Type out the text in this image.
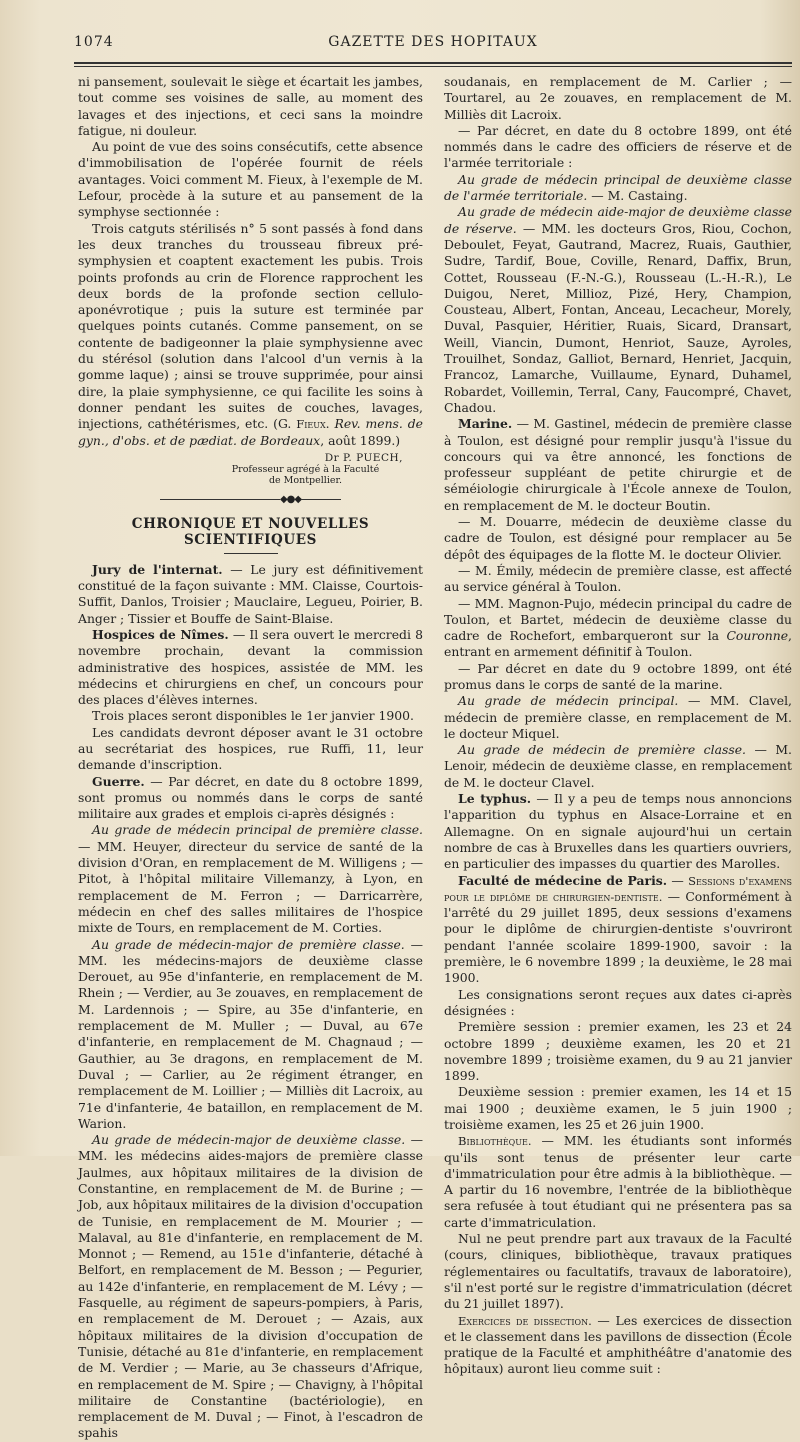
1074	GAZETTE DES HOPITAUX

ni pansement, soulevait le siège et écartait les jambes, tout comme ses voisines de salle, au moment des lavages et des injections, et ceci sans la moindre fatigue, ni douleur.

Au point de vue des soins consécutifs, cette absence d'immobilisation de l'opérée fournit de réels avantages. Voici comment M. Fieux, à l'exemple de M. Lefour, procède à la suture et au pansement de la symphyse sectionnée :

Trois catguts stérilisés n° 5 sont passés à fond dans les deux tranches du trousseau fibreux pré-symphysien et coaptent exactement les pubis. Trois points profonds au crin de Florence rapprochent les deux bords de la profonde section cellulo-aponévrotique ; puis la suture est terminée par quelques points cutanés. Comme pansement, on se contente de badigeonner la plaie symphysienne avec du stérésol (solution dans l'alcool d'un vernis à la gomme laque) ; ainsi se trouve supprimée, pour ainsi dire, la plaie symphysienne, ce qui facilite les soins à donner pendant les suites de couches, lavages, injections, cathétérismes, etc. (G. Fieux. Rev. mens. de gyn., d'obs. et de pædiat. de Bordeaux, août 1899.)

Dr P. PUECH,
Professeur agrégé à la Faculté
de Montpellier.
◆●◆
CHRONIQUE ET NOUVELLES SCIENTIFIQUES

Jury de l'internat. — Le jury est définitivement constitué de la façon suivante : MM. Claisse, Courtois-Suffit, Danlos, Troisier ; Mauclaire, Legueu, Poirier, B. Anger ; Tissier et Bouffe de Saint-Blaise.

Hospices de Nîmes. — Il sera ouvert le mercredi 8 novembre prochain, devant la commission administrative des hospices, assistée de MM. les médecins et chirurgiens en chef, un concours pour des places d'élèves internes.

Trois places seront disponibles le 1er janvier 1900.

Les candidats devront déposer avant le 31 octobre au secrétariat des hospices, rue Ruffi, 11, leur demande d'inscription.

Guerre. — Par décret, en date du 8 octobre 1899, sont promus ou nommés dans le corps de santé militaire aux grades et emplois ci-après désignés :

Au grade de médecin principal de première classe. — MM. Heuyer, directeur du service de santé de la division d'Oran, en remplacement de M. Willigens ; — Pitot, à l'hôpital militaire Villemanzy, à Lyon, en remplacement de M. Ferron ; — Darricarrère, médecin en chef des salles militaires de l'hospice mixte de Tours, en remplacement de M. Corties.

Au grade de médecin-major de première classe. — MM. les médecins-majors de deuxième classe Derouet, au 95e d'infanterie, en remplacement de M. Rhein ; — Verdier, au 3e zouaves, en remplacement de M. Lardennois ; — Spire, au 35e d'infanterie, en remplacement de M. Muller ; — Duval, au 67e d'infanterie, en remplacement de M. Chagnaud ; — Gauthier, au 3e dragons, en remplacement de M. Duval ; — Carlier, au 2e régiment étranger, en remplacement de M. Loillier ; — Milliès dit Lacroix, au 71e d'infanterie, 4e bataillon, en remplacement de M. Warion.

Au grade de médecin-major de deuxième classe. — MM. les médecins aides-majors de première classe Jaulmes, aux hôpitaux militaires de la division de Constantine, en remplacement de M. de Burine ; — Job, aux hôpitaux militaires de la division d'occupation de Tunisie, en remplacement de M. Mourier ; — Malaval, au 81e d'infanterie, en remplacement de M. Monnot ; — Remend, au 151e d'infanterie, détaché à Belfort, en remplacement de M. Besson ; — Pegurier, au 142e d'infanterie, en remplacement de M. Lévy ; — Fasquelle, au régiment de sapeurs-pompiers, à Paris, en remplacement de M. Derouet ; — Azais, aux hôpitaux militaires de la division d'occupation de Tunisie, détaché au 81e d'infanterie, en remplacement de M. Verdier ; — Marie, au 3e chasseurs d'Afrique, en remplacement de M. Spire ; — Chavigny, à l'hôpital militaire de Constantine (bactériologie), en remplacement de M. Duval ; — Finot, à l'escadron de spahis

soudanais, en remplacement de M. Carlier ; — Tourtarel, au 2e zouaves, en remplacement de M. Milliès dit Lacroix.

— Par décret, en date du 8 octobre 1899, ont été nommés dans le cadre des officiers de réserve et de l'armée territoriale :

Au grade de médecin principal de deuxième classe de l'armée territoriale. — M. Castaing.

Au grade de médecin aide-major de deuxième classe de réserve. — MM. les docteurs Gros, Riou, Cochon, Deboulet, Feyat, Gautrand, Macrez, Ruais, Gauthier, Sudre, Tardif, Boue, Coville, Renard, Daffix, Brun, Cottet, Rousseau (F.-N.-G.), Rousseau (L.-H.-R.), Le Duigou, Neret, Millioz, Pizé, Hery, Champion, Cousteau, Albert, Fontan, Anceau, Lecacheur, Morely, Duval, Pasquier, Héritier, Ruais, Sicard, Dransart, Weill, Viancin, Dumont, Henriot, Sauze, Ayroles, Trouilhet, Sondaz, Galliot, Bernard, Henriet, Jacquin, Francoz, Lamarche, Vuillaume, Eynard, Duhamel, Robardet, Voillemin, Terral, Cany, Faucompré, Chavet, Chadou.

Marine. — M. Gastinel, médecin de première classe à Toulon, est désigné pour remplir jusqu'à l'issue du concours qui va être annoncé, les fonctions de professeur suppléant de petite chirurgie et de séméiologie chirurgicale à l'École annexe de Toulon, en remplacement de M. le docteur Boutin.

— M. Douarre, médecin de deuxième classe du cadre de Toulon, est désigné pour remplacer au 5e dépôt des équipages de la flotte M. le docteur Olivier.

— M. Émily, médecin de première classe, est affecté au service général à Toulon.

— MM. Magnon-Pujo, médecin principal du cadre de Toulon, et Bartet, médecin de deuxième classe du cadre de Rochefort, embarqueront sur la Couronne, entrant en armement définitif à Toulon.

— Par décret en date du 9 octobre 1899, ont été promus dans le corps de santé de la marine.

Au grade de médecin principal. — MM. Clavel, médecin de première classe, en remplacement de M. le docteur Miquel.

Au grade de médecin de première classe. — M. Lenoir, médecin de deuxième classe, en remplacement de M. le docteur Clavel.

Le typhus. — Il y a peu de temps nous annoncions l'apparition du typhus en Alsace-Lorraine et en Allemagne. On en signale aujourd'hui un certain nombre de cas à Bruxelles dans les quartiers ouvriers, en particulier des impasses du quartier des Marolles.

Faculté de médecine de Paris. — Sessions d'examens pour le diplôme de chirurgien-dentiste. — Conformément à l'arrêté du 29 juillet 1895, deux sessions d'examens pour le diplôme de chirurgien-dentiste s'ouvriront pendant l'année scolaire 1899-1900, savoir : la première, le 6 novembre 1899 ; la deuxième, le 28 mai 1900.

Les consignations seront reçues aux dates ci-après désignées :

Première session : premier examen, les 23 et 24 octobre 1899 ; deuxième examen, les 20 et 21 novembre 1899 ; troisième examen, du 9 au 21 janvier 1899.

Deuxième session : premier examen, les 14 et 15 mai 1900 ; deuxième examen, le 5 juin 1900 ; troisième examen, les 25 et 26 juin 1900.

Bibliothèque. — MM. les étudiants sont informés qu'ils sont tenus de présenter leur carte d'immatriculation pour être admis à la bibliothèque. — A partir du 16 novembre, l'entrée de la bibliothèque sera refusée à tout étudiant qui ne présentera pas sa carte d'immatriculation.

Nul ne peut prendre part aux travaux de la Faculté (cours, cliniques, bibliothèque, travaux pratiques réglementaires ou facultatifs, travaux de laboratoire), s'il n'est porté sur le registre d'immatriculation (décret du 21 juillet 1897).

Exercices de dissection. — Les exercices de dissection et le classement dans les pavillons de dissection (École pratique de la Faculté et amphithéâtre d'anatomie des hôpitaux) auront lieu comme suit :
